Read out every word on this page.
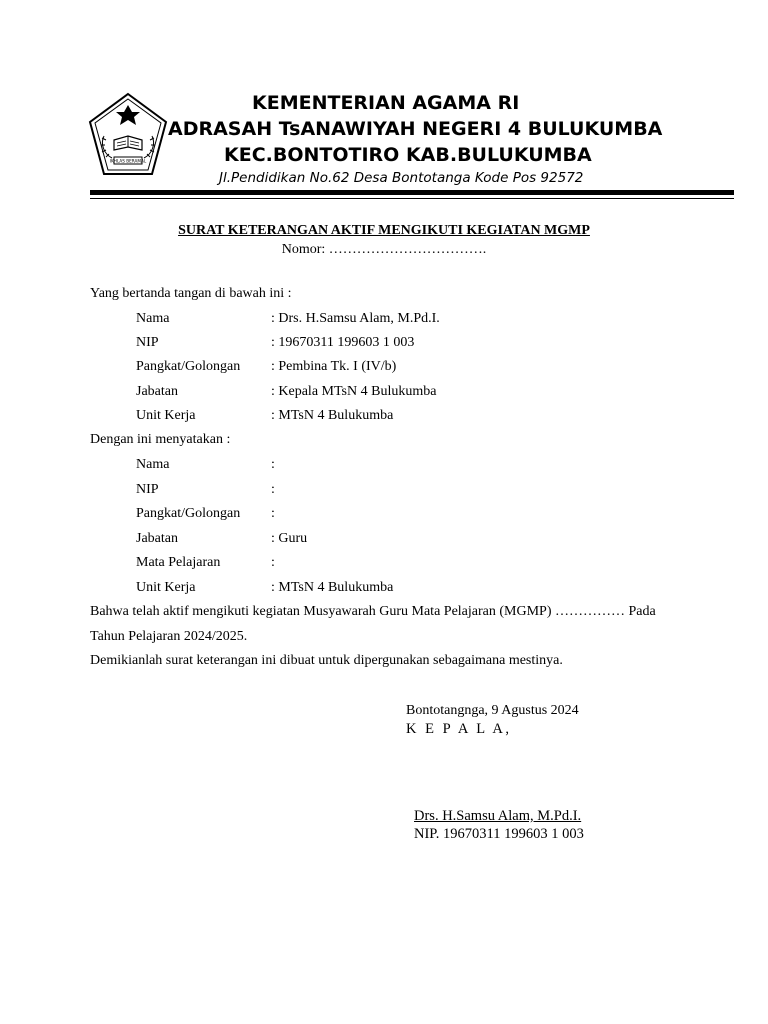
IKHLAS BERAMAL
KEMENTERIAN AGAMA RI
ADRASAH TsANAWIYAH NEGERI 4 BULUKUMBA
KEC.BONTOTIRO KAB.BULUKUMBA
Jl.Pendidikan No.62 Desa Bontotanga Kode Pos 92572
SURAT KETERANGAN AKTIF MENGIKUTI KEGIATAN MGMP
Nomor: …………………………….
Yang bertanda tangan di bawah ini :
Nama	: Drs. H.Samsu Alam, M.Pd.I.
NIP	: 19670311 199603 1 003
Pangkat/Golongan : Pembina Tk. I (IV/b)
Jabatan	: Kepala MTsN 4 Bulukumba
Unit Kerja	: MTsN 4 Bulukumba
Dengan ini menyatakan :
Nama	:
NIP	:
Pangkat/Golongan :
Jabatan	: Guru
Mata Pelajaran	:
Unit Kerja	: MTsN 4 Bulukumba
Bahwa telah aktif mengikuti kegiatan Musyawarah Guru Mata Pelajaran (MGMP) …………… Pada
Tahun Pelajaran 2024/2025.
Demikianlah surat keterangan ini dibuat untuk dipergunakan sebagaimana mestinya.
Bontotangnga, 9 Agustus 2024
K E P A L A,
Drs. H.Samsu Alam, M.Pd.I.
NIP. 19670311 199603 1 003
